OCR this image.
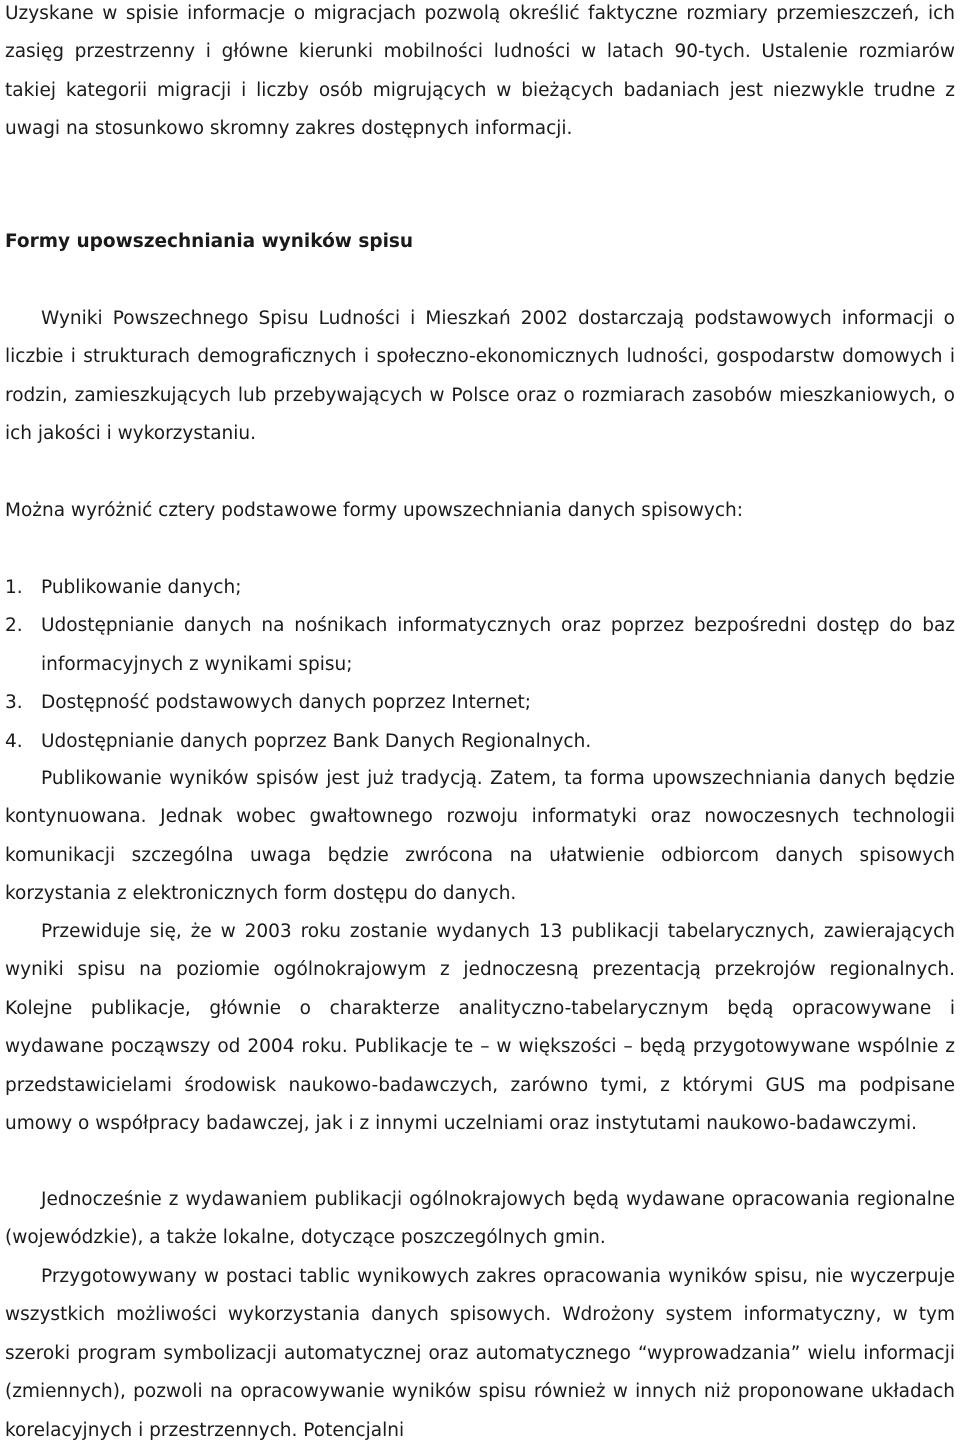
Uzyskane w spisie informacje o migracjach pozwolą określić faktyczne rozmiary przemieszczeń, ich zasięg przestrzenny i główne kierunki mobilności ludności w latach 90-tych. Ustalenie rozmiarów takiej kategorii migracji i liczby osób migrujących w bieżących badaniach jest niezwykle trudne z uwagi na stosunkowo skromny zakres dostępnych informacji.

Formy upowszechniania wyników spisu

Wyniki Powszechnego Spisu Ludności i Mieszkań 2002 dostarczają podstawowych informacji o liczbie i strukturach demograficznych i społeczno-ekonomicznych ludności, gospodarstw domowych i rodzin, zamieszkujących lub przebywających w Polsce oraz o rozmiarach zasobów mieszkaniowych, o ich jakości i wykorzystaniu.

Można wyróżnić cztery podstawowe formy upowszechniania danych spisowych:

1. Publikowanie danych;
2. Udostępnianie danych na nośnikach informatycznych oraz poprzez bezpośredni dostęp do baz informacyjnych z wynikami spisu;
3. Dostępność podstawowych danych poprzez Internet;
4. Udostępnianie danych poprzez Bank Danych Regionalnych.

Publikowanie wyników spisów jest już tradycją. Zatem, ta forma upowszechniania danych będzie kontynuowana. Jednak wobec gwałtownego rozwoju informatyki oraz nowoczesnych technologii komunikacji szczególna uwaga będzie zwrócona na ułatwienie odbiorcom danych spisowych korzystania z elektronicznych form dostępu do danych.

Przewiduje się, że w 2003 roku zostanie wydanych 13 publikacji tabelarycznych, zawierających wyniki spisu na poziomie ogólnokrajowym z jednoczesną prezentacją przekrojów regionalnych. Kolejne publikacje, głównie o charakterze analityczno-tabelarycznym będą opracowywane i wydawane począwszy od 2004 roku. Publikacje te – w większości – będą przygotowywane wspólnie z przedstawicielami środowisk naukowo-badawczych, zarówno tymi, z którymi GUS ma podpisane umowy o współpracy badawczej, jak i z innymi uczelniami oraz instytutami naukowo-badawczymi.

Jednocześnie z wydawaniem publikacji ogólnokrajowych będą wydawane opracowania regionalne (wojewódzkie), a także lokalne, dotyczące poszczególnych gmin.

Przygotowywany w postaci tablic wynikowych zakres opracowania wyników spisu, nie wyczerpuje wszystkich możliwości wykorzystania danych spisowych. Wdrożony system informatyczny, w tym szeroki program symbolizacji automatycznej oraz automatycznego “wyprowadzania” wielu informacji (zmiennych), pozwoli na opracowywanie wyników spisu również w innych niż proponowane układach korelacyjnych i przestrzennych. Potencjalni
